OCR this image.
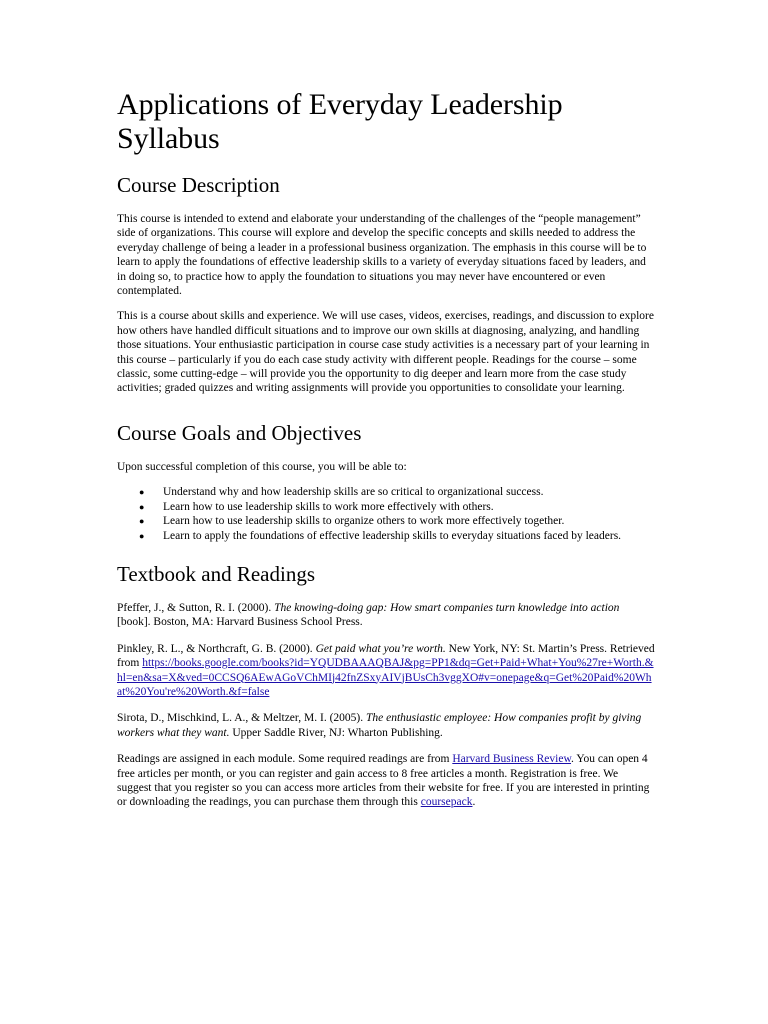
Applications of Everyday Leadership Syllabus
Course Description

This course is intended to extend and elaborate your understanding of the challenges of the “people management” side of organizations. This course will explore and develop the specific concepts and skills needed to address the everyday challenge of being a leader in a professional business organization. The emphasis in this course will be to learn to apply the foundations of effective leadership skills to a variety of everyday situations faced by leaders, and in doing so, to practice how to apply the foundation to situations you may never have encountered or even contemplated.

This is a course about skills and experience. We will use cases, videos, exercises, readings, and discussion to explore how others have handled difficult situations and to improve our own skills at diagnosing, analyzing, and handling those situations. Your enthusiastic participation in course case study activities is a necessary part of your learning in this course – particularly if you do each case study activity with different people. Readings for the course – some classic, some cutting-edge – will provide you the opportunity to dig deeper and learn more from the case study activities; graded quizzes and writing assignments will provide you opportunities to consolidate your learning.

Course Goals and Objectives

Upon successful completion of this course, you will be able to:

● Understand why and how leadership skills are so critical to organizational success.
● Learn how to use leadership skills to work more effectively with others.
● Learn how to use leadership skills to organize others to work more effectively together.
● Learn to apply the foundations of effective leadership skills to everyday situations faced by leaders.
Textbook and Readings

Pfeffer, J., & Sutton, R. I. (2000). The knowing-doing gap: How smart companies turn knowledge into action [book]. Boston, MA: Harvard Business School Press.

Pinkley, R. L., & Northcraft, G. B. (2000). Get paid what you’re worth. New York, NY: St. Martin’s Press. Retrieved from https://books.google.com/books?id=YQUDBAAAQBAJ&pg=PP1&dq=Get+Paid+What+You%27re+Worth.&hl=en&sa=X&ved=0CCSQ6AEwAGoVChMIj42fnZSxyAIVjBUsCh3vggXO#v=onepage&q=Get%20Paid%20What%20You're%20Worth.&f=false

Sirota, D., Mischkind, L. A., & Meltzer, M. I. (2005). The enthusiastic employee: How companies profit by giving workers what they want. Upper Saddle River, NJ: Wharton Publishing.

Readings are assigned in each module. Some required readings are from Harvard Business Review. You can open 4 free articles per month, or you can register and gain access to 8 free articles a month. Registration is free. We suggest that you register so you can access more articles from their website for free. If you are interested in printing or downloading the readings, you can purchase them through this coursepack.
